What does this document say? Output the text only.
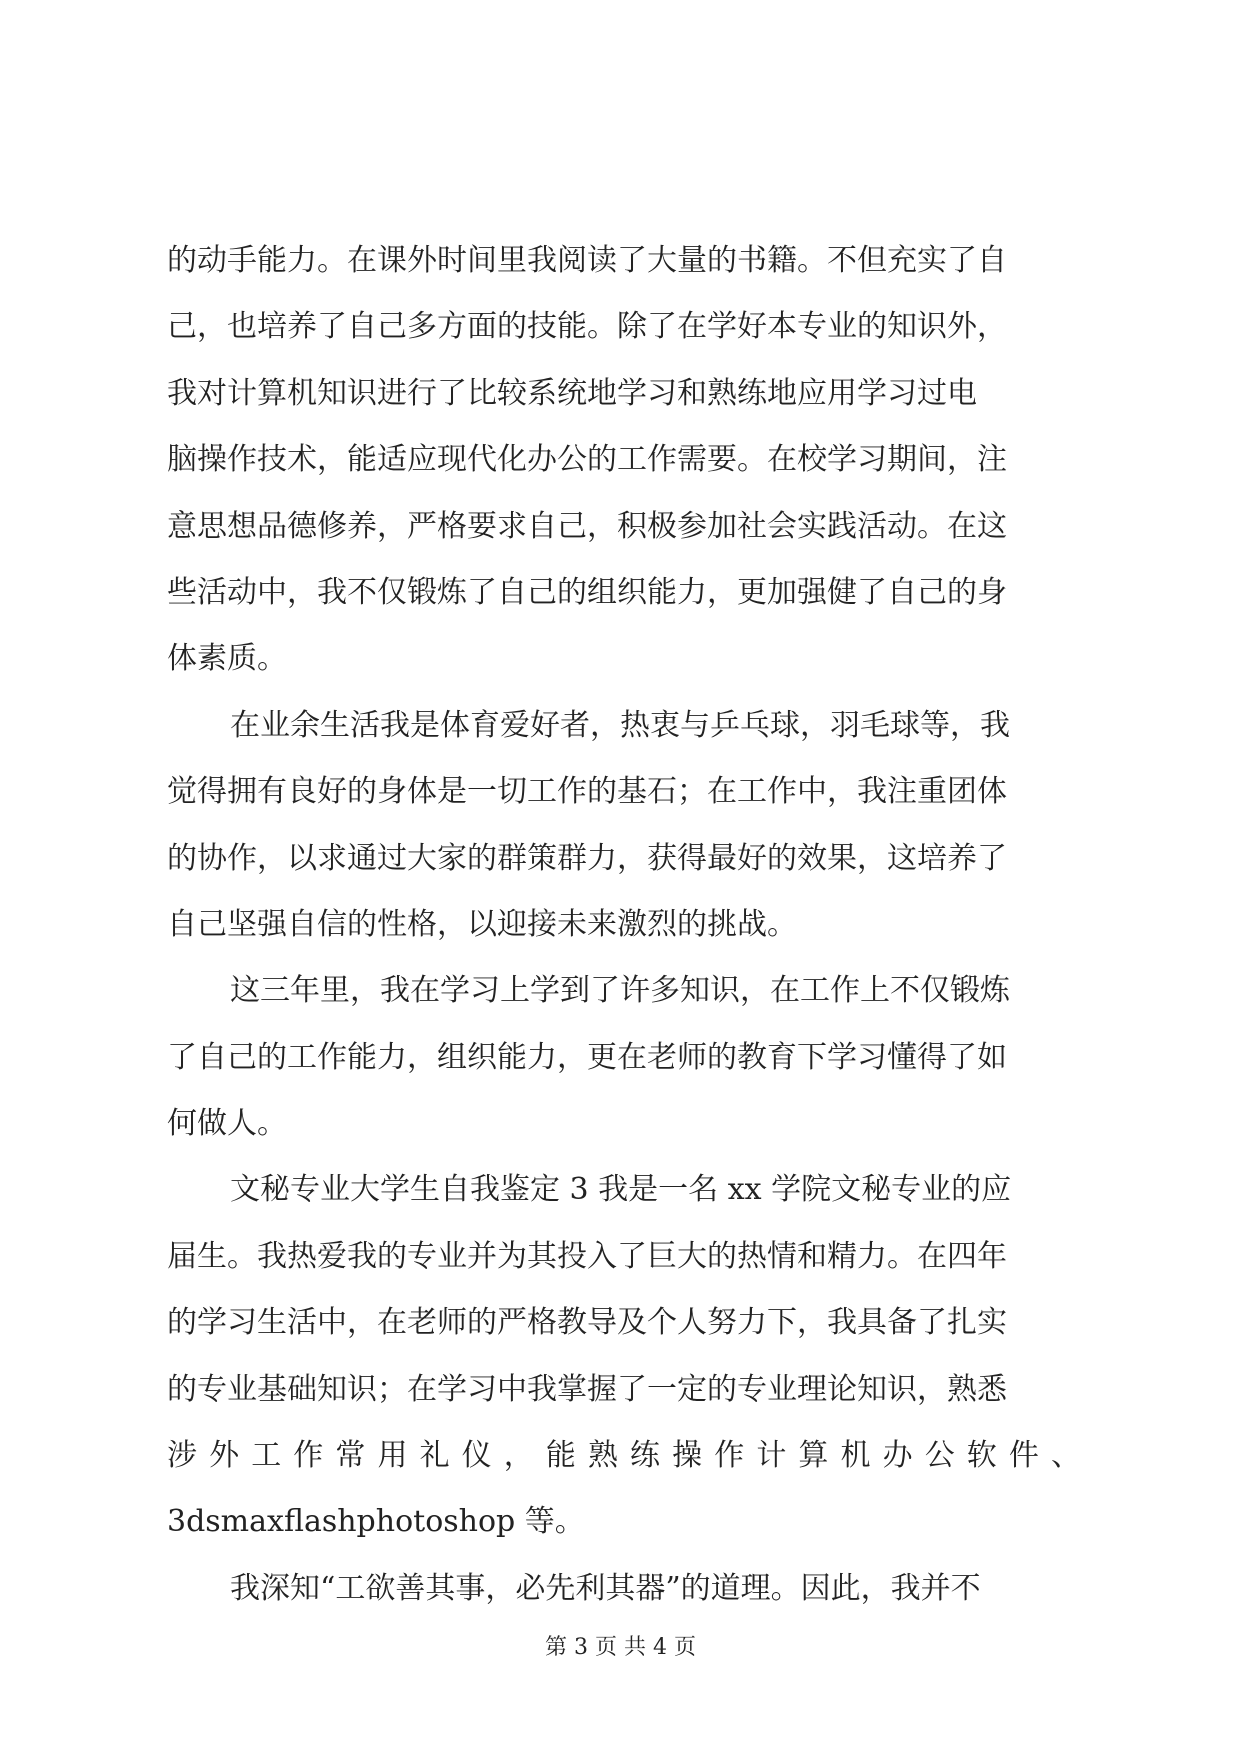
的动手能力。在课外时间里我阅读了大量的书籍。不但充实了自
己，也培养了自己多方面的技能。除了在学好本专业的知识外，
我对计算机知识进行了比较系统地学习和熟练地应用学习过电
脑操作技术，能适应现代化办公的工作需要。在校学习期间，注
意思想品德修养，严格要求自己，积极参加社会实践活动。在这
些活动中，我不仅锻炼了自己的组织能力，更加强健了自己的身
体素质。
在业余生活我是体育爱好者，热衷与乒乓球，羽毛球等，我
觉得拥有良好的身体是一切工作的基石；在工作中，我注重团体
的协作，以求通过大家的群策群力，获得最好的效果，这培养了
自己坚强自信的性格，以迎接未来激烈的挑战。
这三年里，我在学习上学到了许多知识，在工作上不仅锻炼
了自己的工作能力，组织能力，更在老师的教育下学习懂得了如
何做人。
文秘专业大学生自我鉴定 3 我是一名 xx 学院文秘专业的应
届生。我热爱我的专业并为其投入了巨大的热情和精力。在四年
的学习生活中，在老师的严格教导及个人努力下，我具备了扎实
的专业基础知识；在学习中我掌握了一定的专业理论知识，熟悉
涉外工作常用礼仪，能熟练操作计算机办公软件、
3dsmaxflashphotoshop 等。
我深知“工欲善其事，必先利其器”的道理。因此，我并不
第 3 页 共 4 页
